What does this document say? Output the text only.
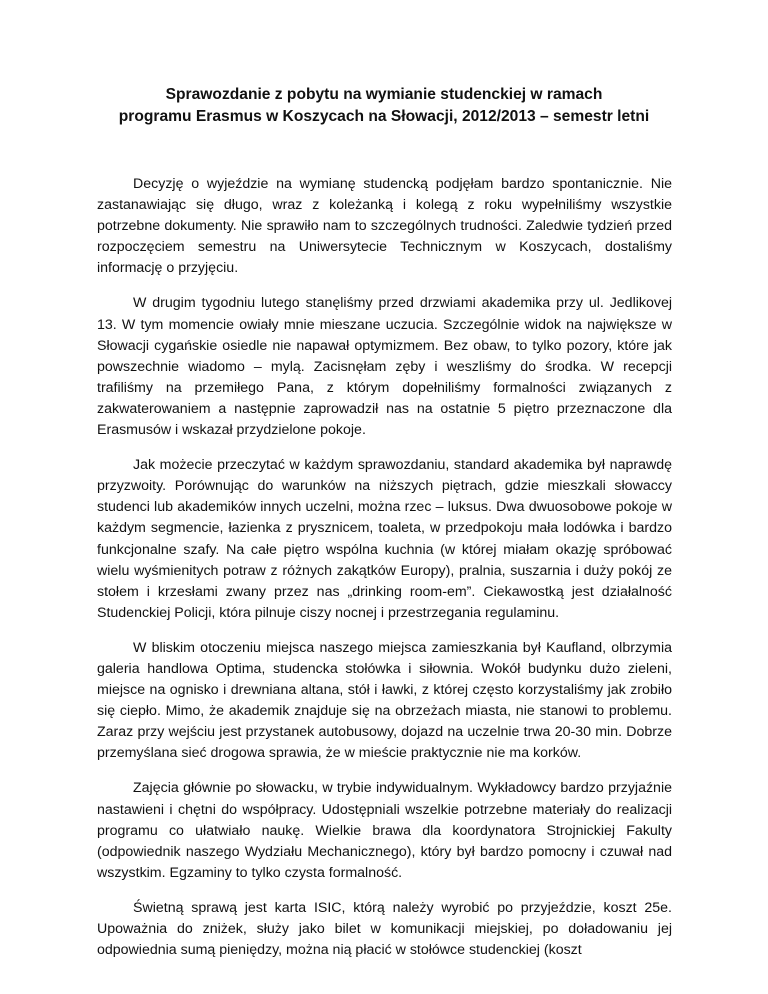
Sprawozdanie z pobytu na wymianie studenckiej w ramach
programu Erasmus w Koszycach na Słowacji, 2012/2013 – semestr letni

Decyzję o wyjeździe na wymianę studencką podjęłam bardzo spontanicznie. Nie zastanawiając się długo, wraz z koleżanką i kolegą z roku wypełniliśmy wszystkie potrzebne dokumenty. Nie sprawiło nam to szczególnych trudności. Zaledwie tydzień przed rozpoczęciem semestru na Uniwersytecie Technicznym w Koszycach, dostaliśmy informację o przyjęciu.

W drugim tygodniu lutego stanęliśmy przed drzwiami akademika przy ul. Jedlikovej 13. W tym momencie owiały mnie mieszane uczucia. Szczególnie widok na największe w Słowacji cygańskie osiedle nie napawał optymizmem. Bez obaw, to tylko pozory, które jak powszechnie wiadomo – mylą. Zacisnęłam zęby i weszliśmy do środka. W recepcji trafiliśmy na przemiłego Pana, z którym dopełniliśmy formalności związanych z zakwaterowaniem a następnie zaprowadził nas na ostatnie 5 piętro przeznaczone dla Erasmusów i wskazał przydzielone pokoje.

Jak możecie przeczytać w każdym sprawozdaniu, standard akademika był naprawdę przyzwoity. Porównując do warunków na niższych piętrach, gdzie mieszkali słowaccy studenci lub akademików innych uczelni, można rzec – luksus. Dwa dwuosobowe pokoje w każdym segmencie, łazienka z prysznicem, toaleta, w przedpokoju mała lodówka i bardzo funkcjonalne szafy. Na całe piętro wspólna kuchnia (w której miałam okazję spróbować wielu wyśmienitych potraw z różnych zakątków Europy), pralnia, suszarnia i duży pokój ze stołem i krzesłami zwany przez nas „drinking room-em”. Ciekawostką jest działalność Studenckiej Policji, która pilnuje ciszy nocnej i przestrzegania regulaminu.

W bliskim otoczeniu miejsca naszego miejsca zamieszkania był Kaufland, olbrzymia galeria handlowa Optima, studencka stołówka i siłownia. Wokół budynku dużo zieleni, miejsce na ognisko i drewniana altana, stół i ławki, z której często korzystaliśmy jak zrobiło się ciepło. Mimo, że akademik znajduje się na obrzeżach miasta, nie stanowi to problemu. Zaraz przy wejściu jest przystanek autobusowy, dojazd na uczelnie trwa 20-30 min. Dobrze przemyślana sieć drogowa sprawia, że w mieście praktycznie nie ma korków.

Zajęcia głównie po słowacku, w trybie indywidualnym. Wykładowcy bardzo przyjaźnie nastawieni i chętni do współpracy. Udostępniali wszelkie potrzebne materiały do realizacji programu co ułatwiało naukę. Wielkie brawa dla koordynatora Strojnickiej Fakulty (odpowiednik naszego Wydziału Mechanicznego), który był bardzo pomocny i czuwał nad wszystkim. Egzaminy to tylko czysta formalność.

Świetną sprawą jest karta ISIC, którą należy wyrobić po przyjeździe, koszt 25e. Upoważnia do zniżek, służy jako bilet w komunikacji miejskiej, po doładowaniu jej odpowiednia sumą pieniędzy, można nią płacić w stołówce studenckiej (koszt
